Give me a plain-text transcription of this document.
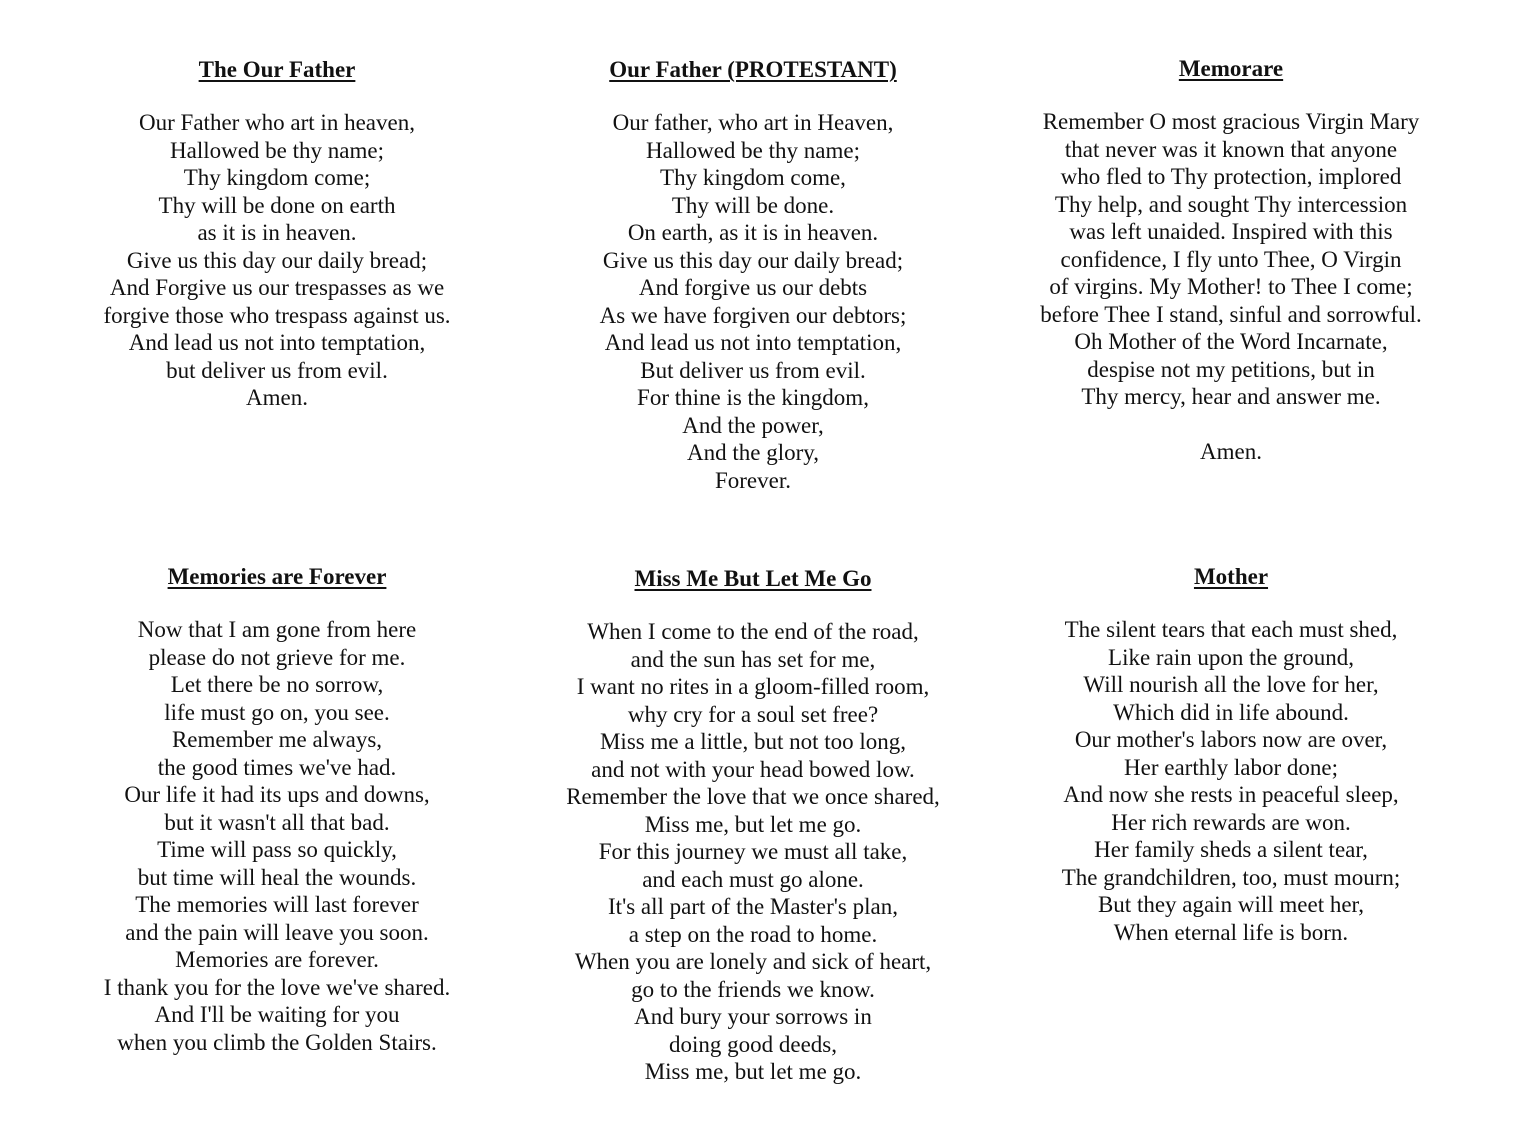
The Our Father
Our Father who art in heaven,
Hallowed be thy name;
Thy kingdom come;
Thy will be done on earth
as it is in heaven.
Give us this day our daily bread;
And Forgive us our trespasses as we
forgive those who trespass against us.
And lead us not into temptation,
but deliver us from evil.
Amen.
Our Father (PROTESTANT)
Our father, who art in Heaven,
Hallowed be thy name;
Thy kingdom come,
Thy will be done.
On earth, as it is in heaven.
Give us this day our daily bread;
And forgive us our debts
As we have forgiven our debtors;
And lead us not into temptation,
But deliver us from evil.
For thine is the kingdom,
And the power,
And the glory,
Forever.
Memorare
Remember O most gracious Virgin Mary
that never was it known that anyone
who fled to Thy protection, implored
Thy help, and sought Thy intercession
was left unaided. Inspired with this
confidence, I fly unto Thee, O Virgin
of virgins. My Mother! to Thee I come;
before Thee I stand, sinful and sorrowful.
Oh Mother of the Word Incarnate,
despise not my petitions, but in
Thy mercy, hear and answer me.
Amen.
Memories are Forever
Now that I am gone from here
please do not grieve for me.
Let there be no sorrow,
life must go on, you see.
Remember me always,
the good times we've had.
Our life it had its ups and downs,
but it wasn't all that bad.
Time will pass so quickly,
but time will heal the wounds.
The memories will last forever
and the pain will leave you soon.
Memories are forever.
I thank you for the love we've shared.
And I'll be waiting for you
when you climb the Golden Stairs.
Miss Me But Let Me Go
When I come to the end of the road,
and the sun has set for me,
I want no rites in a gloom-filled room,
why cry for a soul set free?
Miss me a little, but not too long,
and not with your head bowed low.
Remember the love that we once shared,
Miss me, but let me go.
For this journey we must all take,
and each must go alone.
It's all part of the Master's plan,
a step on the road to home.
When you are lonely and sick of heart,
go to the friends we know.
And bury your sorrows in
doing good deeds,
Miss me, but let me go.
Mother
The silent tears that each must shed,
Like rain upon the ground,
Will nourish all the love for her,
Which did in life abound.
Our mother's labors now are over,
Her earthly labor done;
And now she rests in peaceful sleep,
Her rich rewards are won.
Her family sheds a silent tear,
The grandchildren, too, must mourn;
But they again will meet her,
When eternal life is born.
